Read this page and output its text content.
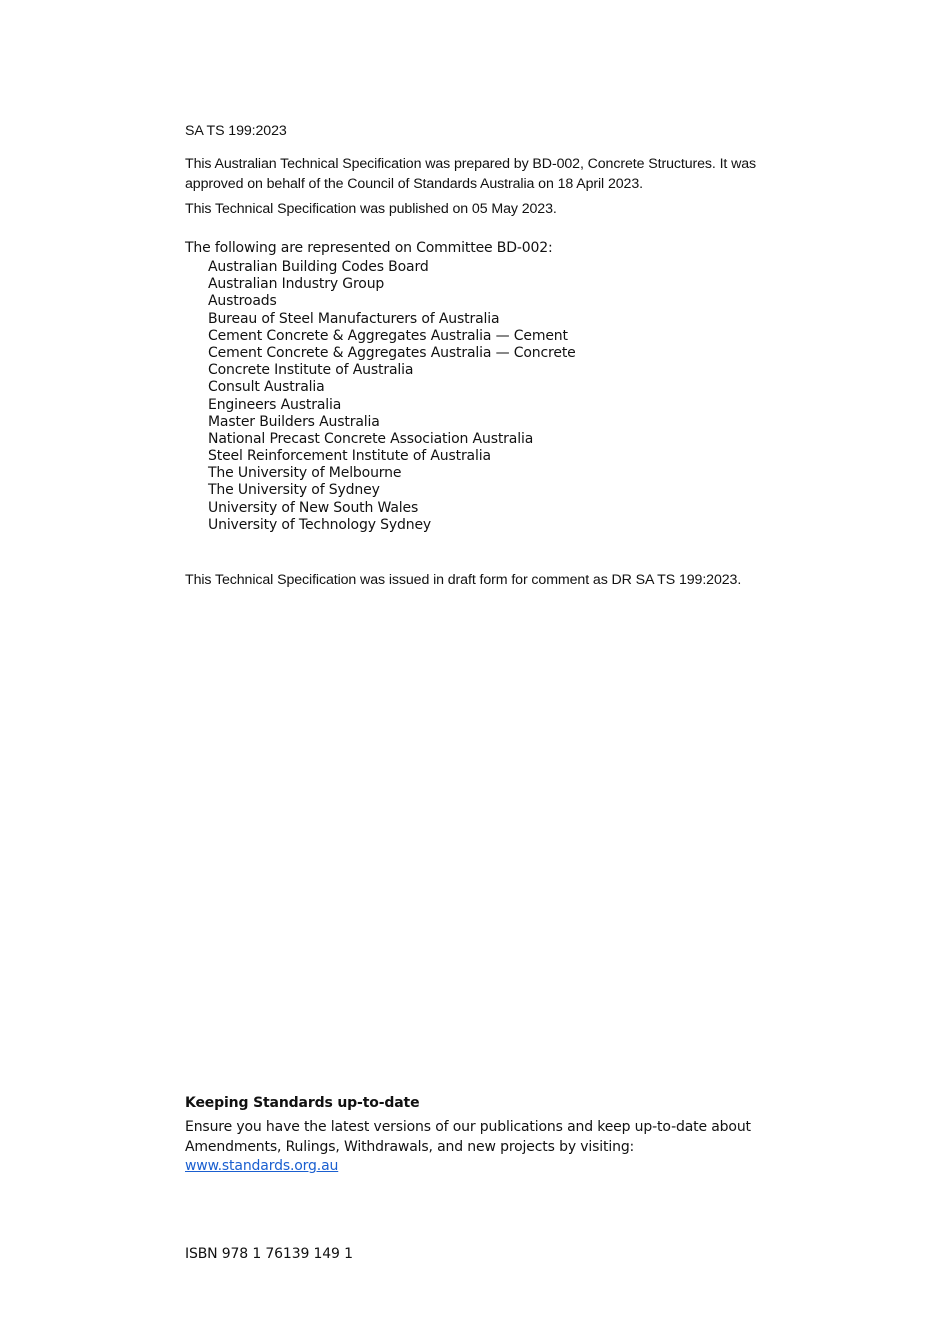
SA TS 199:2023
This Australian Technical Specification was prepared by BD-002, Concrete Structures. It was approved on behalf of the Council of Standards Australia on 18 April 2023.
This Technical Specification was published on 05 May 2023.
The following are represented on Committee BD-002:
Australian Building Codes Board
Australian Industry Group
Austroads
Bureau of Steel Manufacturers of Australia
Cement Concrete & Aggregates Australia — Cement
Cement Concrete & Aggregates Australia — Concrete
Concrete Institute of Australia
Consult Australia
Engineers Australia
Master Builders Australia
National Precast Concrete Association Australia
Steel Reinforcement Institute of Australia
The University of Melbourne
The University of Sydney
University of New South Wales
University of Technology Sydney
This Technical Specification was issued in draft form for comment as DR SA TS 199:2023.
Keeping Standards up-to-date
Ensure you have the latest versions of our publications and keep up-to-date about Amendments, Rulings, Withdrawals, and new projects by visiting:
www.standards.org.au
ISBN 978 1 76139 149 1
